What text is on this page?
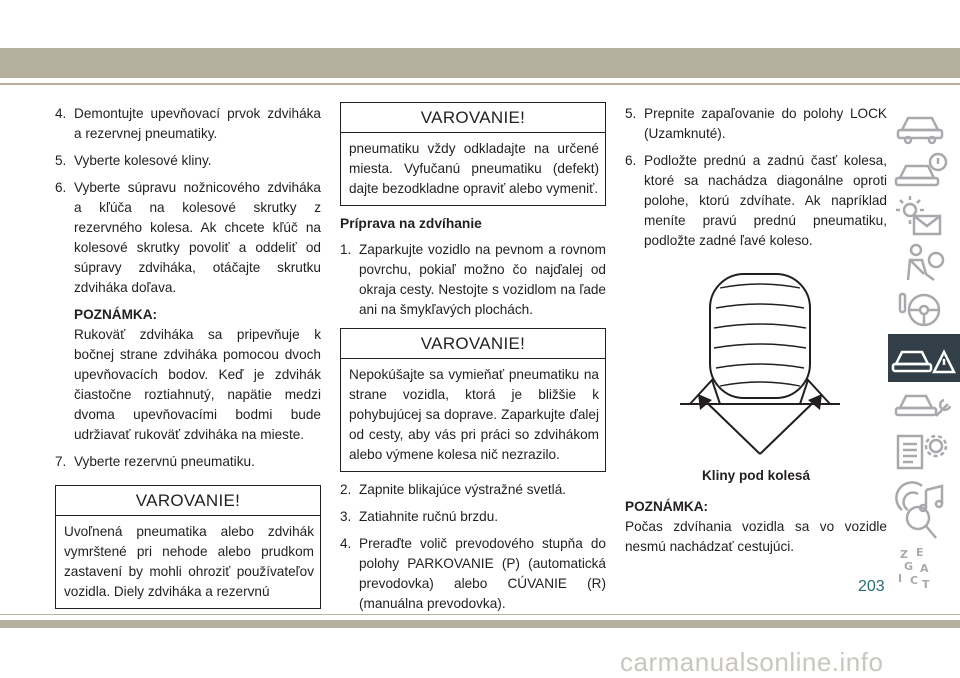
4. Demontujte upevňovací prvok zdviháka a rezervnej pneumatiky.
5. Vyberte kolesové kliny.
6. Vyberte súpravu nožnicového zdviháka a kľúča na kolesové skrutky z rezervného kolesa. Ak chcete kľúč na kolesové skrutky povoliť a oddeliť od súpravy zdviháka, otáčajte skrutku zdviháka doľava.
POZNÁMKA:
Rukoväť zdviháka sa pripevňuje k bočnej strane zdviháka pomocou dvoch upevňovacích bodov. Keď je zdvihák čiastočne roztiahnutý, napätie medzi dvoma upevňovacími bodmi bude udržiavať rukoväť zdviháka na mieste.
7. Vyberte rezervnú pneumatiku.
VAROVANIE!
Uvoľnená pneumatika alebo zdvihák vymrštené pri nehode alebo prudkom zastavení by mohli ohroziť používateľov vozidla. Diely zdviháka a rezervnú
VAROVANIE!
pneumatiku vždy odkladajte na určené miesta. Vyfučanú pneumatiku (defekt) dajte bezodkladne opraviť alebo vymeniť.
Príprava na zdvíhanie
1. Zaparkujte vozidlo na pevnom a rovnom povrchu, pokiaľ možno čo najďalej od okraja cesty. Nestojte s vozidlom na ľade ani na šmykľavých plochách.
VAROVANIE!
Nepokúšajte sa vymieňať pneumatiku na strane vozidla, ktorá je bližšie k pohybujúcej sa doprave. Zaparkujte ďalej od cesty, aby vás pri práci so zdvihákom alebo výmene kolesa nič nezrazilo.
2. Zapnite blikajúce výstražné svetlá.
3. Zatiahnite ručnú brzdu.
4. Preraďte volič prevodového stupňa do polohy PARKOVANIE (P) (automatická prevodovka) alebo CÚVANIE (R) (manuálna prevodovka).
5. Prepnite zapaľovanie do polohy LOCK (Uzamknuté).
6. Podložte prednú a zadnú časť kolesa, ktoré sa nachádza diagonálne oproti polohe, ktorú zdvíhate. Ak napríklad meníte pravú prednú pneumatiku, podložte zadné ľavé koleso.
Kliny pod kolesá
POZNÁMKA:
Počas zdvíhania vozidla sa vo vozidle nesmú nachádzať cestujúci.
Z E
G A
I C T
203
carmanualsonline.info
